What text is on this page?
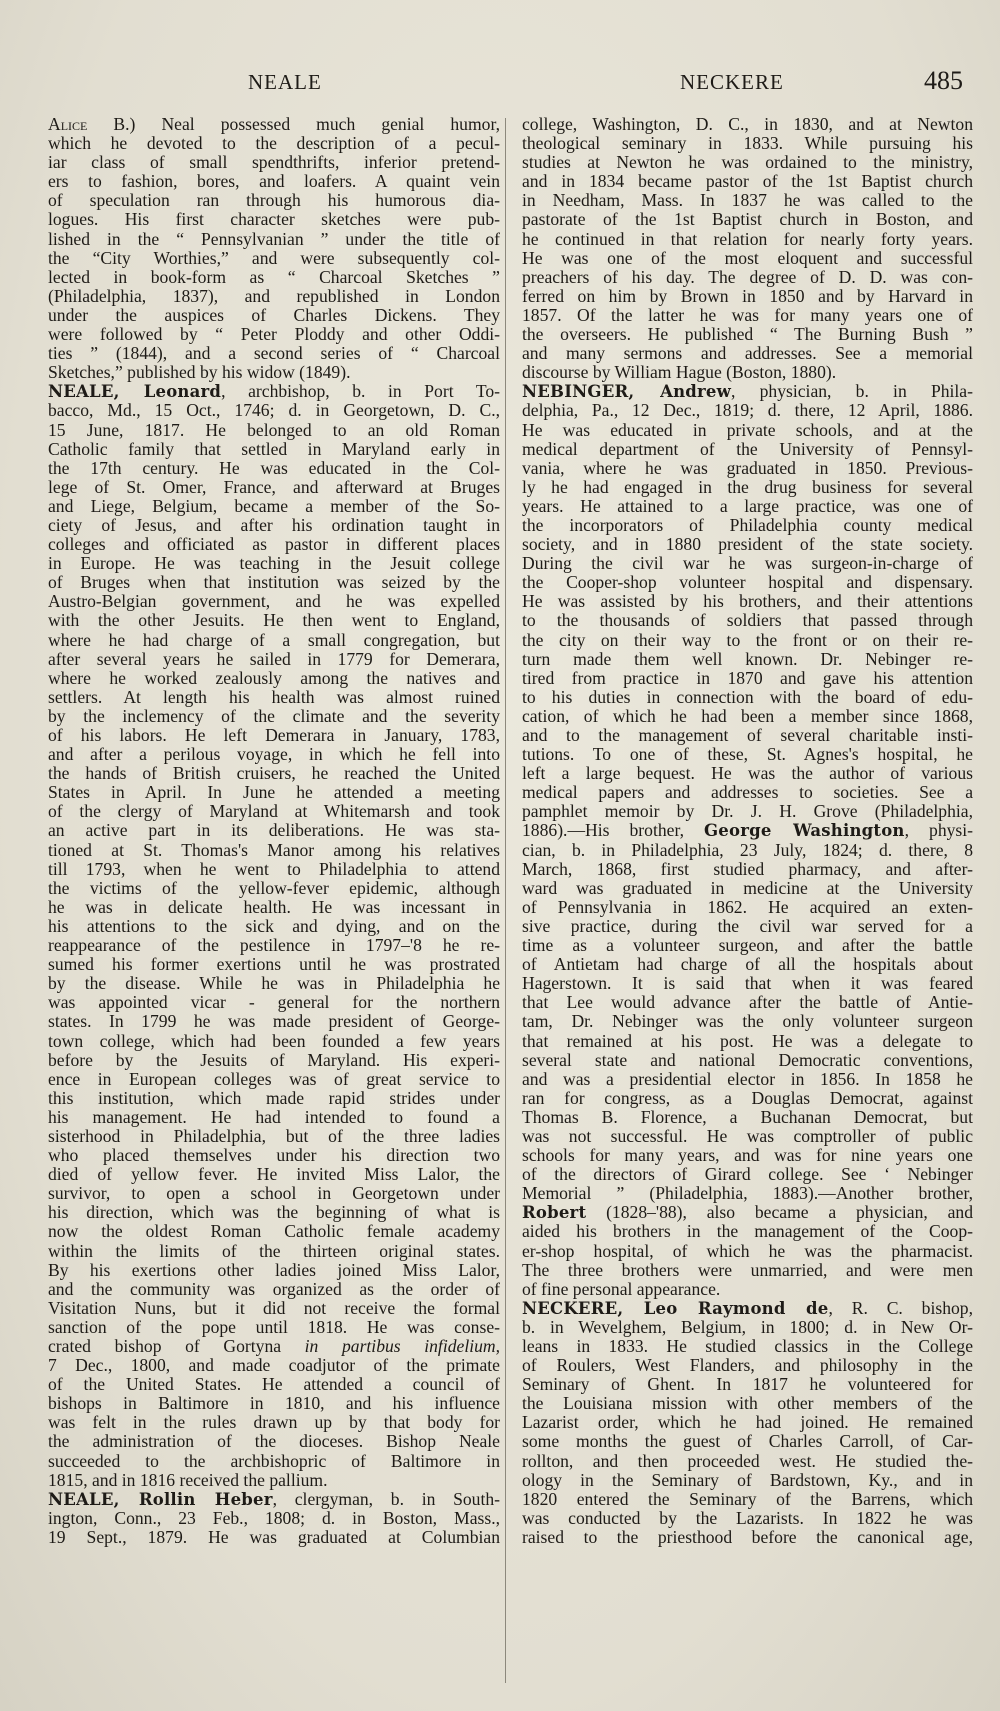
NEALE	NECKERE	485
Alice B.) Neal possessed much genial humor,
which he devoted to the description of a pecul-
iar class of small spendthrifts, inferior pretend-
ers to fashion, bores, and loafers. A quaint vein
of speculation ran through his humorous dia-
logues. His first character sketches were pub-
lished in the “ Pennsylvanian ” under the title of
the “City Worthies,” and were subsequently col-
lected in book-form as “ Charcoal Sketches ”
(Philadelphia, 1837), and republished in London
under the auspices of Charles Dickens. They
were followed by “ Peter Ploddy and other Oddi-
ties ” (1844), and a second series of “ Charcoal
Sketches,” published by his widow (1849).
NEALE, Leonard, archbishop, b. in Port To-
bacco, Md., 15 Oct., 1746; d. in Georgetown, D. C.,
15 June, 1817. He belonged to an old Roman
Catholic family that settled in Maryland early in
the 17th century. He was educated in the Col-
lege of St. Omer, France, and afterward at Bruges
and Liege, Belgium, became a member of the So-
ciety of Jesus, and after his ordination taught in
colleges and officiated as pastor in different places
in Europe. He was teaching in the Jesuit college
of Bruges when that institution was seized by the
Austro-Belgian government, and he was expelled
with the other Jesuits. He then went to England,
where he had charge of a small congregation, but
after several years he sailed in 1779 for Demerara,
where he worked zealously among the natives and
settlers. At length his health was almost ruined
by the inclemency of the climate and the severity
of his labors. He left Demerara in January, 1783,
and after a perilous voyage, in which he fell into
the hands of British cruisers, he reached the United
States in April. In June he attended a meeting
of the clergy of Maryland at Whitemarsh and took
an active part in its deliberations. He was sta-
tioned at St. Thomas's Manor among his relatives
till 1793, when he went to Philadelphia to attend
the victims of the yellow-fever epidemic, although
he was in delicate health. He was incessant in
his attentions to the sick and dying, and on the
reappearance of the pestilence in 1797–'8 he re-
sumed his former exertions until he was prostrated
by the disease. While he was in Philadelphia he
was appointed vicar - general for the northern
states. In 1799 he was made president of George-
town college, which had been founded a few years
before by the Jesuits of Maryland. His experi-
ence in European colleges was of great service to
this institution, which made rapid strides under
his management. He had intended to found a
sisterhood in Philadelphia, but of the three ladies
who placed themselves under his direction two
died of yellow fever. He invited Miss Lalor, the
survivor, to open a school in Georgetown under
his direction, which was the beginning of what is
now the oldest Roman Catholic female academy
within the limits of the thirteen original states.
By his exertions other ladies joined Miss Lalor,
and the community was organized as the order of
Visitation Nuns, but it did not receive the formal
sanction of the pope until 1818. He was conse-
crated bishop of Gortyna in partibus infidelium,
7 Dec., 1800, and made coadjutor of the primate
of the United States. He attended a council of
bishops in Baltimore in 1810, and his influence
was felt in the rules drawn up by that body for
the administration of the dioceses. Bishop Neale
succeeded to the archbishopric of Baltimore in
1815, and in 1816 received the pallium.
NEALE, Rollin Heber, clergyman, b. in South-
ington, Conn., 23 Feb., 1808; d. in Boston, Mass.,
19 Sept., 1879. He was graduated at Columbian
college, Washington, D. C., in 1830, and at Newton
theological seminary in 1833. While pursuing his
studies at Newton he was ordained to the ministry,
and in 1834 became pastor of the 1st Baptist church
in Needham, Mass. In 1837 he was called to the
pastorate of the 1st Baptist church in Boston, and
he continued in that relation for nearly forty years.
He was one of the most eloquent and successful
preachers of his day. The degree of D. D. was con-
ferred on him by Brown in 1850 and by Harvard in
1857. Of the latter he was for many years one of
the overseers. He published “ The Burning Bush ”
and many sermons and addresses. See a memorial
discourse by William Hague (Boston, 1880).
NEBINGER, Andrew, physician, b. in Phila-
delphia, Pa., 12 Dec., 1819; d. there, 12 April, 1886.
He was educated in private schools, and at the
medical department of the University of Pennsyl-
vania, where he was graduated in 1850. Previous-
ly he had engaged in the drug business for several
years. He attained to a large practice, was one of
the incorporators of Philadelphia county medical
society, and in 1880 president of the state society.
During the civil war he was surgeon-in-charge of
the Cooper-shop volunteer hospital and dispensary.
He was assisted by his brothers, and their attentions
to the thousands of soldiers that passed through
the city on their way to the front or on their re-
turn made them well known. Dr. Nebinger re-
tired from practice in 1870 and gave his attention
to his duties in connection with the board of edu-
cation, of which he had been a member since 1868,
and to the management of several charitable insti-
tutions. To one of these, St. Agnes's hospital, he
left a large bequest. He was the author of various
medical papers and addresses to societies. See a
pamphlet memoir by Dr. J. H. Grove (Philadelphia,
1886).—His brother, George Washington, physi-
cian, b. in Philadelphia, 23 July, 1824; d. there, 8
March, 1868, first studied pharmacy, and after-
ward was graduated in medicine at the University
of Pennsylvania in 1862. He acquired an exten-
sive practice, during the civil war served for a
time as a volunteer surgeon, and after the battle
of Antietam had charge of all the hospitals about
Hagerstown. It is said that when it was feared
that Lee would advance after the battle of Antie-
tam, Dr. Nebinger was the only volunteer surgeon
that remained at his post. He was a delegate to
several state and national Democratic conventions,
and was a presidential elector in 1856. In 1858 he
ran for congress, as a Douglas Democrat, against
Thomas B. Florence, a Buchanan Democrat, but
was not successful. He was comptroller of public
schools for many years, and was for nine years one
of the directors of Girard college. See ‘ Nebinger
Memorial ” (Philadelphia, 1883).—Another brother,
Robert (1828–'88), also became a physician, and
aided his brothers in the management of the Coop-
er-shop hospital, of which he was the pharmacist.
The three brothers were unmarried, and were men
of fine personal appearance.
NECKERE, Leo Raymond de, R. C. bishop,
b. in Wevelghem, Belgium, in 1800; d. in New Or-
leans in 1833. He studied classics in the College
of Roulers, West Flanders, and philosophy in the
Seminary of Ghent. In 1817 he volunteered for
the Louisiana mission with other members of the
Lazarist order, which he had joined. He remained
some months the guest of Charles Carroll, of Car-
rollton, and then proceeded west. He studied the-
ology in the Seminary of Bardstown, Ky., and in
1820 entered the Seminary of the Barrens, which
was conducted by the Lazarists. In 1822 he was
raised to the priesthood before the canonical age,
